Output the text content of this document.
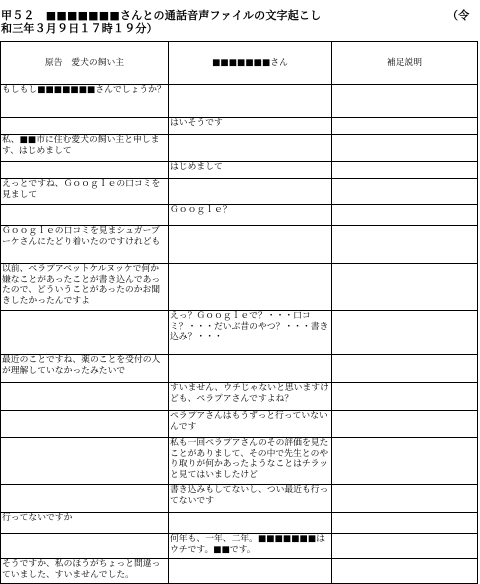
甲５２　■■■■■■■さんとの通話音声ファイルの文字起こし	（令
和三年３月９日１７時１９分）
原告　愛犬の飼い主	■■■■■■■さん	補足説明
もしもし■■■■■■■さんでしょうか？		
	はいそうです	
私、■■市に住む愛犬の飼い主と申します、はじめまして		
	はじめまして	
えっとですね、Ｇｏｏｇｌｅの口コミを見まして		
	Ｇｏｏｇｌｅ？	
Ｇｏｏｇｌｅの口コミを見まシュガーブーケさんにたどり着いたのですけれども		
以前、ペラプアペットケルヌッケで何か嫌なことがあったことが書き込んであったので、どういうことがあったのかお聞きしたかったんですよ		
	えっ？Ｇｏｏｇｌｅで？・・・口コミ？・・・だいぶ昔のやつ？・・・書き込み？・・・	
最近のことですね、薬のことを受付の人が理解していなかったみたいで		
	すいません、ウチじゃないと思いますけども、ペラプアさんですよね？	
	ペラプアさんはもうずっと行っていないんです	
	私も一回ペラプアさんのその評価を見たことがありまして、その中で先生とのやり取りが何かあったようなことはチラッと見てはいましたけど	
	書き込みもしてないし、つい最近も行ってないです	
行ってないですか		
	何年も、一年、二年。■■■■■■■はウチです。■■です。	
そうですか、私のほうがちょっと間違っていました、すいませんでした。		
